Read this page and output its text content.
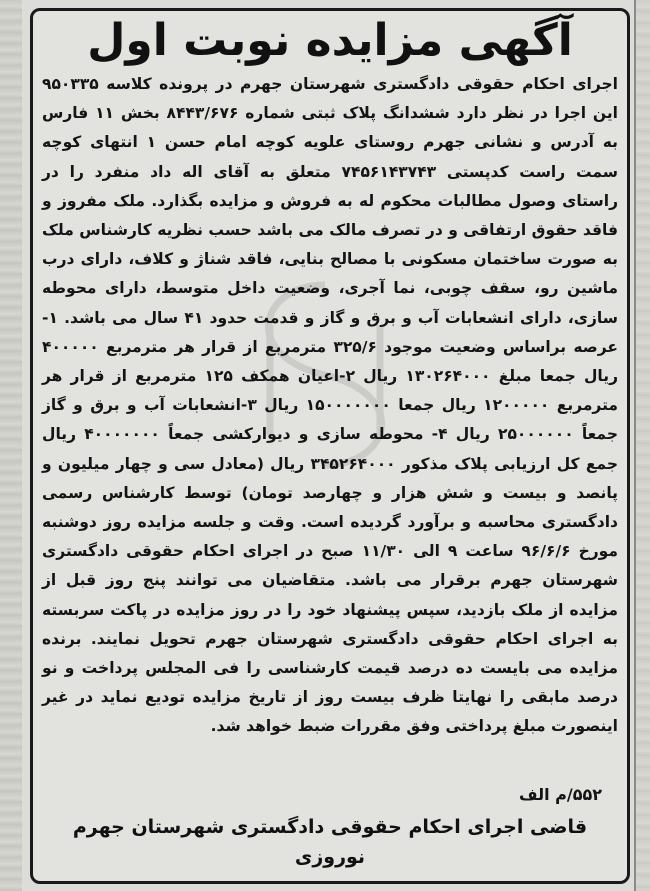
آگهی مزایده نوبت اول
اجرای احکام حقوقی دادگستری شهرستان جهرم در پرونده کلاسه ۹۵۰۳۳۵ این اجرا در نظر دارد ششدانگ پلاک ثبتی شماره ۸۴۴۳/۶۷۶ بخش ۱۱ فارس به آدرس و نشانی جهرم روستای علویه کوچه امام حسن ۱ انتهای کوچه سمت راست کدپستی ۷۴۵۶۱۴۳۷۴۳ متعلق به آقای اله داد منفرد را در راستای وصول مطالبات محکوم له به فروش و مزایده بگذارد. ملک مفروز و فاقد حقوق ارتفاقی و در تصرف مالک می باشد حسب نظریه کارشناس ملک به صورت ساختمان مسکونی با مصالح بنایی، فاقد شناژ و کلاف، دارای درب ماشین رو، سقف چوبی، نما آجری، وضعیت داخل متوسط، دارای محوطه سازی، دارای انشعابات آب و برق و گاز و قدمت حدود ۴۱ سال می باشد. ۱-عرصه براساس وضعیت موجود ۳۲۵/۶ مترمربع از قرار هر مترمربع ۴۰۰۰۰۰ ریال جمعا مبلغ ۱۳۰۲۶۴۰۰۰ ریال ۲-اعیان همکف ۱۲۵ مترمربع از قرار هر مترمربع ۱۲۰۰۰۰۰ ریال جمعا ۱۵۰۰۰۰۰۰۰ ریال ۳-انشعابات آب و برق و گاز جمعاً ۲۵۰۰۰۰۰۰ ریال ۴- محوطه سازی و دیوارکشی جمعاً ۴۰۰۰۰۰۰۰ ریال جمع کل ارزیابی پلاک مذکور ۳۴۵۲۶۴۰۰۰ ریال (معادل سی و چهار میلیون و پانصد و بیست و شش هزار و چهارصد تومان) توسط کارشناس رسمی دادگستری محاسبه و برآورد گردیده است. وقت و جلسه مزایده روز دوشنبه مورخ ۹۶/۶/۶ ساعت ۹ الی ۱۱/۳۰ صبح در اجرای احکام حقوقی دادگستری شهرستان جهرم برقرار می باشد. متقاضیان می توانند پنج روز قبل از مزایده از ملک بازدید، سپس پیشنهاد خود را در روز مزایده در پاکت سربسته به اجرای احکام حقوقی دادگستری شهرستان جهرم تحویل نمایند. برنده مزایده می بایست ده درصد قیمت کارشناسی را فی المجلس پرداخت و نو درصد مابقی را نهایتا ظرف بیست روز از تاریخ مزایده تودیع نماید در غیر اینصورت مبلغ پرداختی وفق مقررات ضبط خواهد شد.
۵۵۲/م الف
قاضی اجرای احکام حقوقی دادگستری شهرستان جهرم
نوروزی
